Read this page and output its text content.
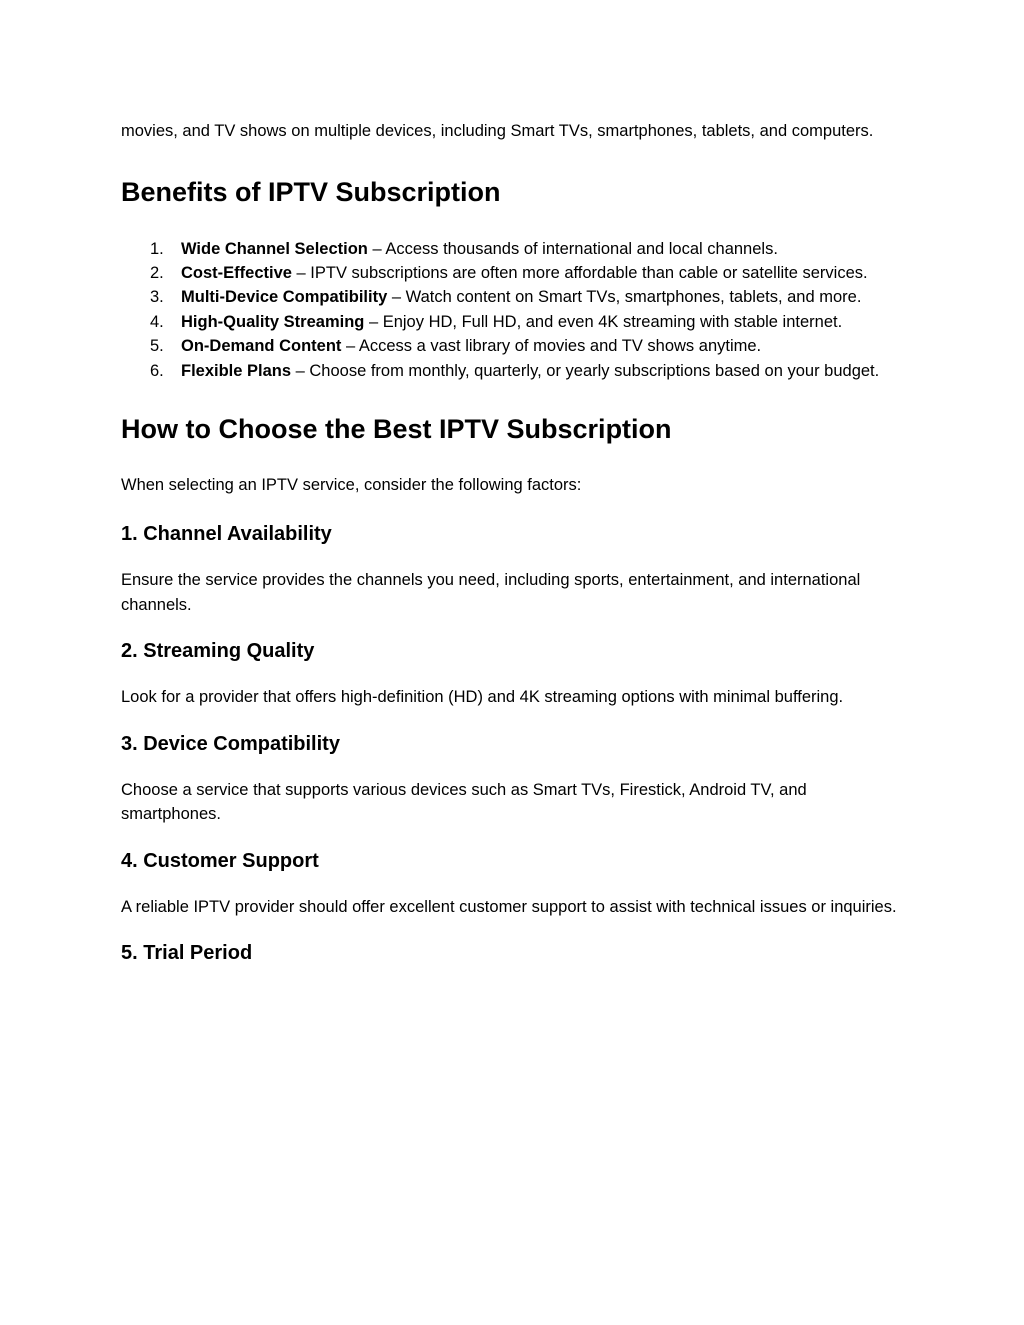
movies, and TV shows on multiple devices, including Smart TVs, smartphones, tablets, and computers.

Benefits of IPTV Subscription
1. Wide Channel Selection – Access thousands of international and local channels.
2. Cost-Effective – IPTV subscriptions are often more affordable than cable or satellite services.
3. Multi-Device Compatibility – Watch content on Smart TVs, smartphones, tablets, and more.
4. High-Quality Streaming – Enjoy HD, Full HD, and even 4K streaming with stable internet.
5. On-Demand Content – Access a vast library of movies and TV shows anytime.
6. Flexible Plans – Choose from monthly, quarterly, or yearly subscriptions based on your budget.
How to Choose the Best IPTV Subscription

When selecting an IPTV service, consider the following factors:

1. Channel Availability

Ensure the service provides the channels you need, including sports, entertainment, and international channels.

2. Streaming Quality

Look for a provider that offers high-definition (HD) and 4K streaming options with minimal buffering.

3. Device Compatibility

Choose a service that supports various devices such as Smart TVs, Firestick, Android TV, and smartphones.

4. Customer Support

A reliable IPTV provider should offer excellent customer support to assist with technical issues or inquiries.

5. Trial Period
